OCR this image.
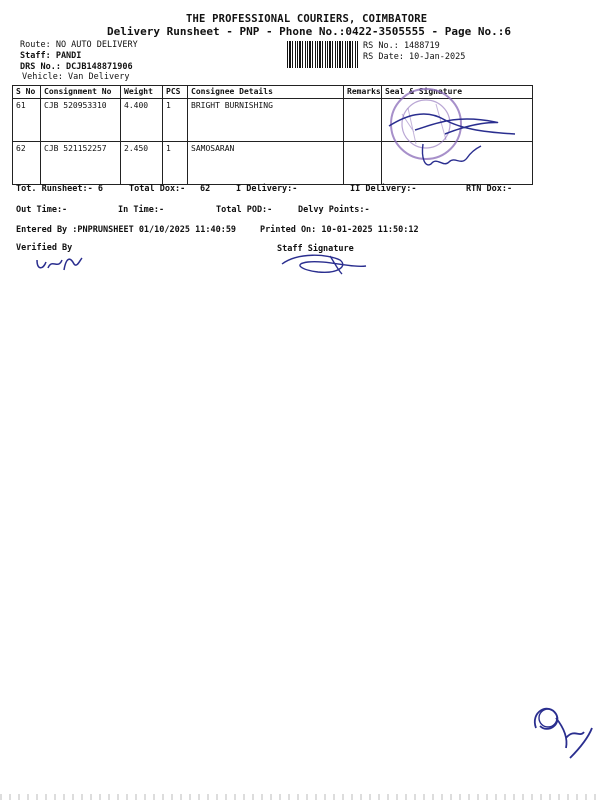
THE PROFESSIONAL COURIERS, COIMBATORE
Delivery Runsheet - PNP - Phone No.:0422-3505555 - Page No.:6
Route: NO AUTO DELIVERY
Staff: PANDI
DRS No.: DCJB148871906
Vehicle: Van Delivery
RS No.: 1488719
RS Date: 10-Jan-2025
S No	Consignment No	Weight	PCS	Consignee Details	Remarks	Seal & Signature
61	CJB 520953310	4.400	1	BRIGHT BURNISHING		
62	CJB 521152257	2.450	1	SAMOSARAN		
Tot. Runsheet:- 6	Total Dox:- 62	I Delivery:-	II Delivery:-	RTN Dox:-
Out Time:-	In Time:-	Total POD:-	Delvy Points:-
Entered By :PNPRUNSHEET 01/10/2025 11:40:59	Printed On: 10-01-2025 11:50:12
Verified By	Staff Signature
